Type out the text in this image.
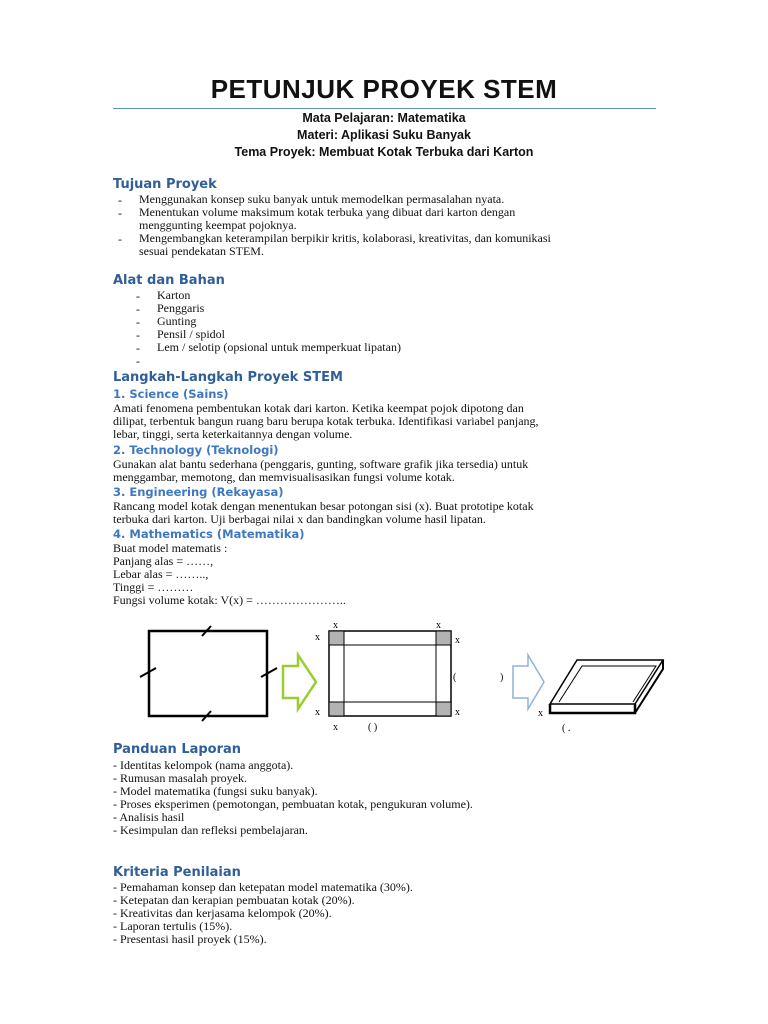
PETUNJUK PROYEK STEM
Mata Pelajaran: Matematika
Materi: Aplikasi Suku Banyak
Tema Proyek: Membuat Kotak Terbuka dari Karton
Tujuan Proyek
- Menggunakan konsep suku banyak untuk memodelkan permasalahan nyata.
- Menentukan volume maksimum kotak terbuka yang dibuat dari karton dengan
menggunting keempat pojoknya.
- Mengembangkan keterampilan berpikir kritis, kolaborasi, kreativitas, dan komunikasi
sesuai pendekatan STEM.
Alat dan Bahan
- Karton
- Penggaris
- Gunting
- Pensil / spidol
- Lem / selotip (opsional untuk memperkuat lipatan)
-
Langkah-Langkah Proyek STEM
1. Science (Sains)
Amati fenomena pembentukan kotak dari karton. Ketika keempat pojok dipotong dan
dilipat, terbentuk bangun ruang baru berupa kotak terbuka. Identifikasi variabel panjang,
lebar, tinggi, serta keterkaitannya dengan volume.
2. Technology (Teknologi)
Gunakan alat bantu sederhana (penggaris, gunting, software grafik jika tersedia) untuk
menggambar, memotong, dan memvisualisasikan fungsi volume kotak.
3. Engineering (Rekayasa)
Rancang model kotak dengan menentukan besar potongan sisi (x). Buat prototipe kotak
terbuka dari karton. Uji berbagai nilai x dan bandingkan volume hasil lipatan.
4. Mathematics (Matematika)
Buat model matematis :
Panjang alas = ……,
Lebar alas = ……..,
Tinggi = ………
Fungsi volume kotak: V(x) = …………………..
x	x
x	x
x	x
x	( )
(	)
x
( .
Panduan Laporan
- Identitas kelompok (nama anggota).
- Rumusan masalah proyek.
- Model matematika (fungsi suku banyak).
- Proses eksperimen (pemotongan, pembuatan kotak, pengukuran volume).
- Analisis hasil
- Kesimpulan dan refleksi pembelajaran.
Kriteria Penilaian
- Pemahaman konsep dan ketepatan model matematika (30%).
- Ketepatan dan kerapian pembuatan kotak (20%).
- Kreativitas dan kerjasama kelompok (20%).
- Laporan tertulis (15%).
- Presentasi hasil proyek (15%).
